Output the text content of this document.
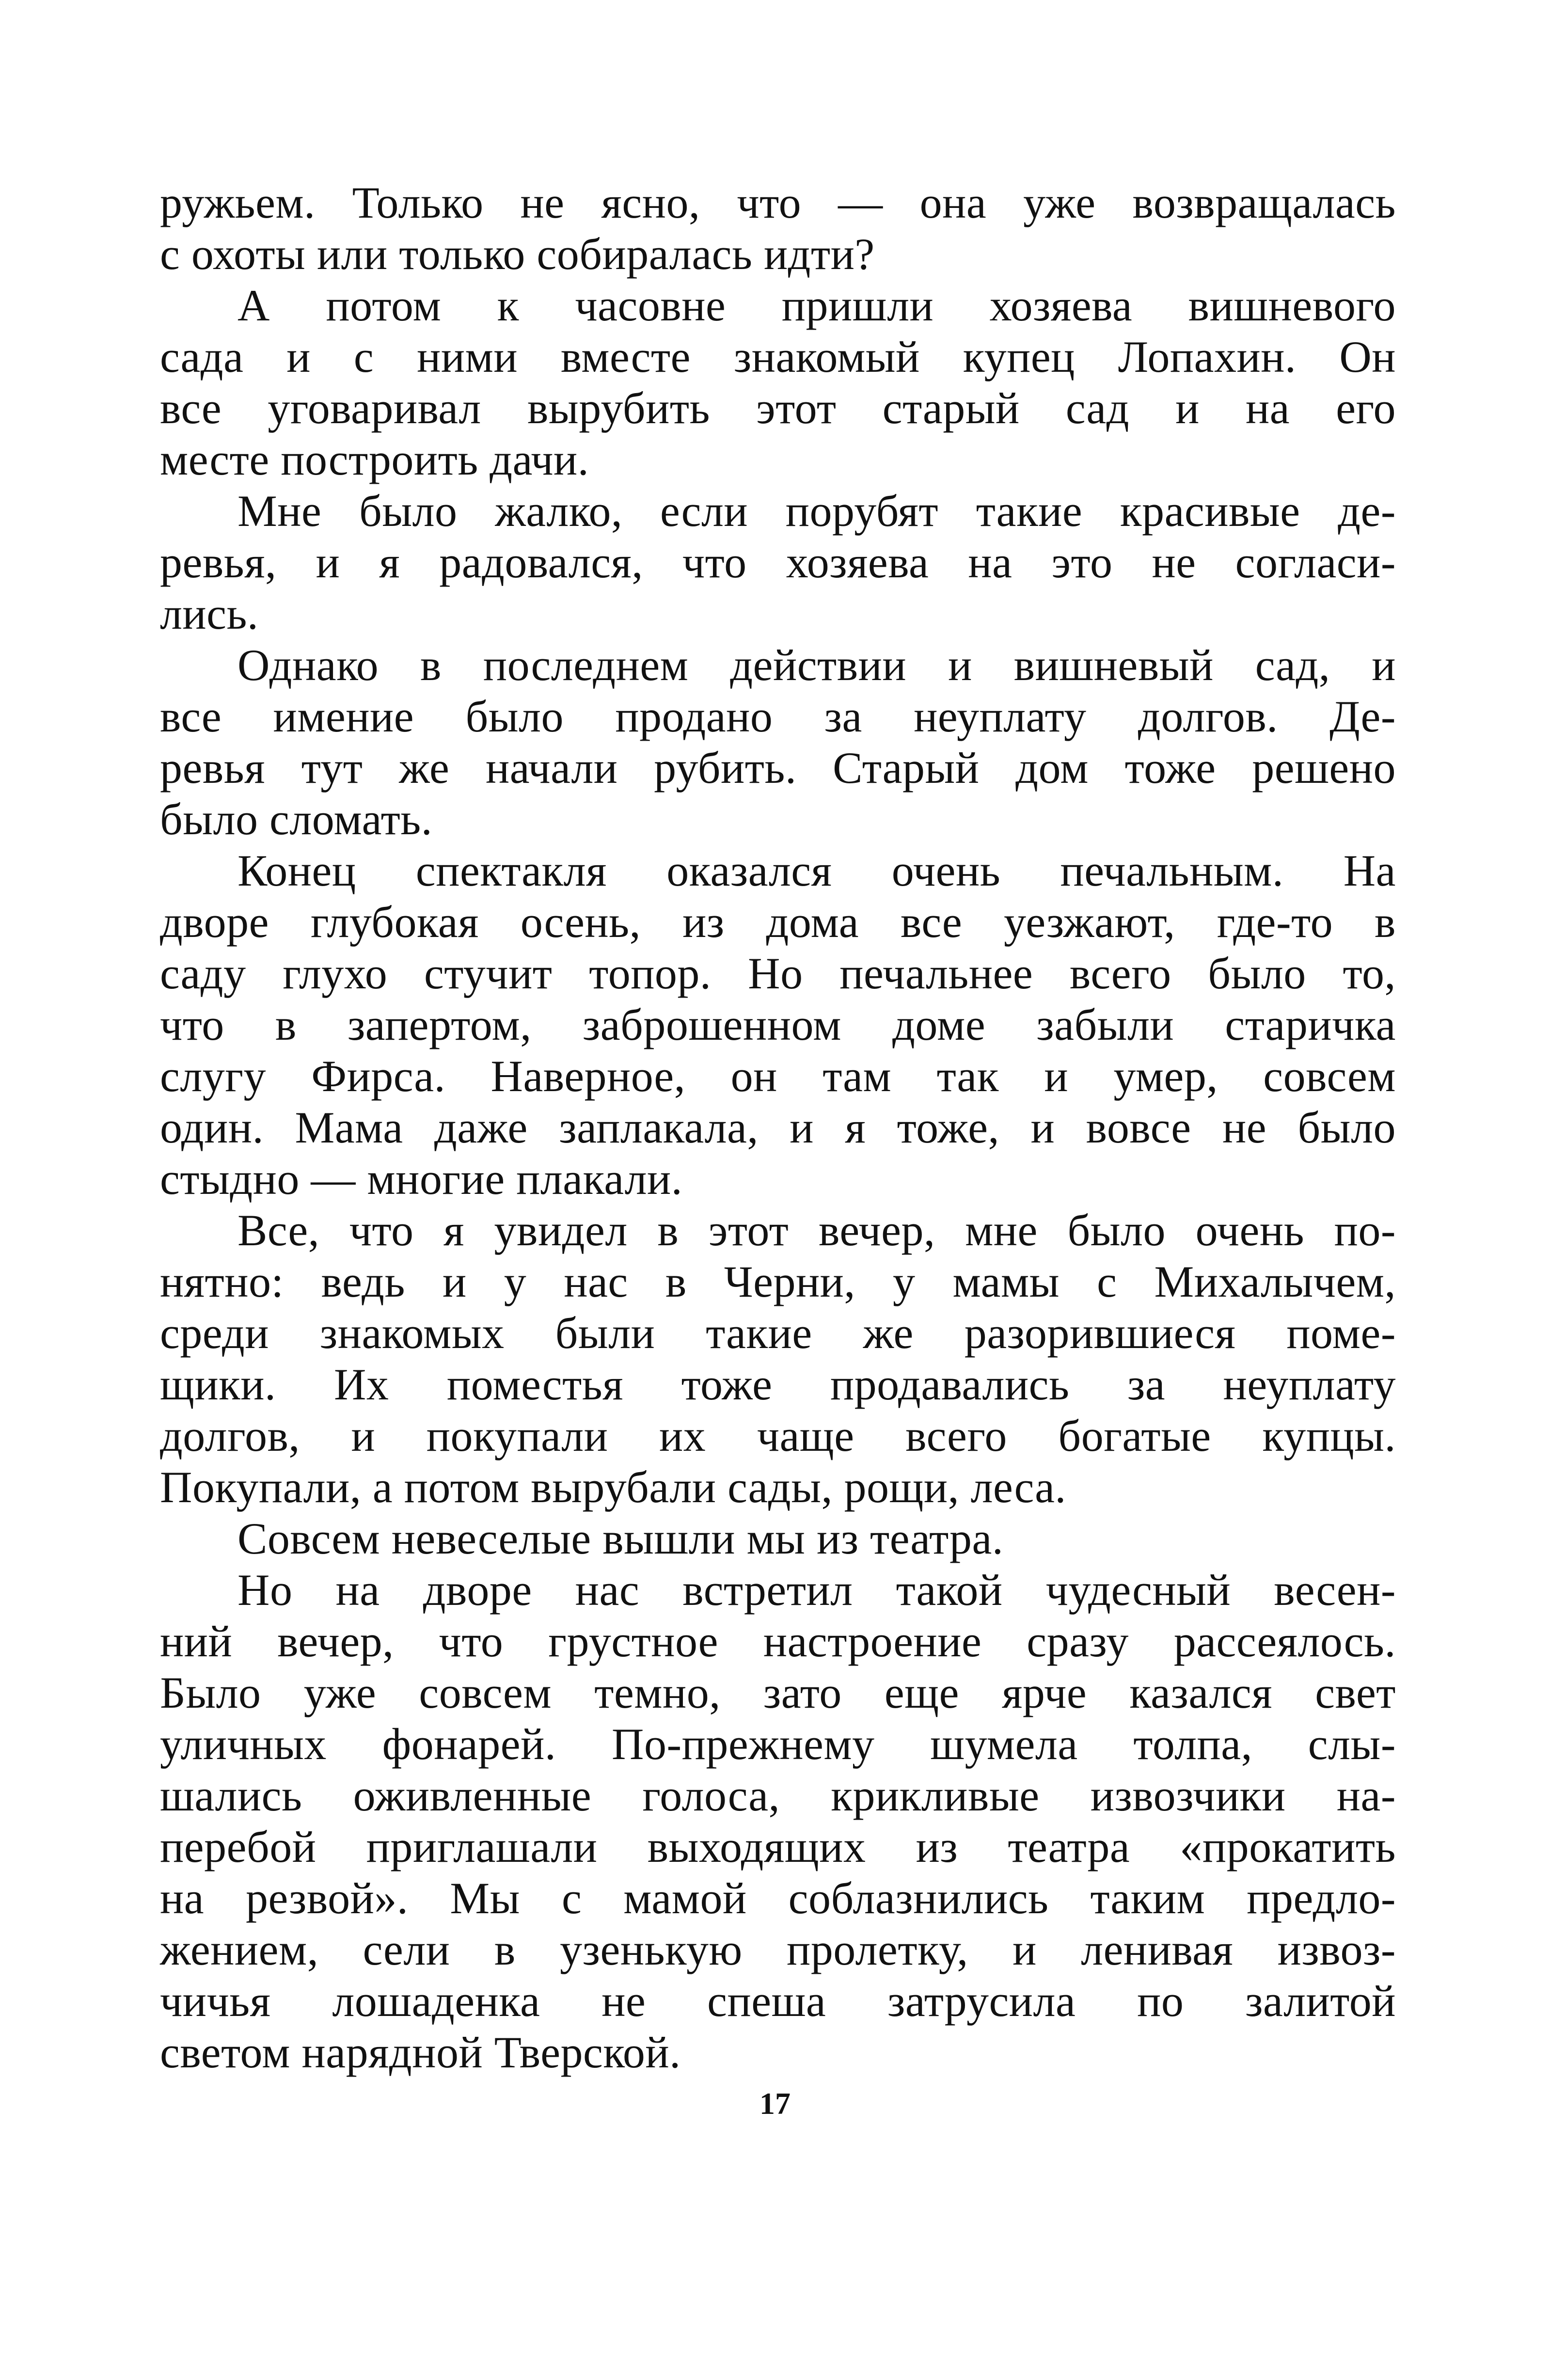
ружьем. Только не ясно, что — она уже возвращалась
с охоты или только собиралась идти?
А потом к часовне пришли хозяева вишневого
сада и с ними вместе знакомый купец Лопахин. Он
все уговаривал вырубить этот старый сад и на его
месте построить дачи.
Мне было жалко, если порубят такие красивые де-
ревья, и я радовался, что хозяева на это не согласи-
лись.
Однако в последнем действии и вишневый сад, и
все имение было продано за неуплату долгов. Де-
ревья тут же начали рубить. Старый дом тоже решено
было сломать.
Конец спектакля оказался очень печальным. На
дворе глубокая осень, из дома все уезжают, где-то в
саду глухо стучит топор. Но печальнее всего было то,
что в запертом, заброшенном доме забыли старичка
слугу Фирса. Наверное, он там так и умер, совсем
один. Мама даже заплакала, и я тоже, и вовсе не было
стыдно — многие плакали.
Все, что я увидел в этот вечер, мне было очень по-
нятно: ведь и у нас в Черни, у мамы с Михалычем,
среди знакомых были такие же разорившиеся поме-
щики. Их поместья тоже продавались за неуплату
долгов, и покупали их чаще всего богатые купцы.
Покупали, а потом вырубали сады, рощи, леса.
Совсем невеселые вышли мы из театра.
Но на дворе нас встретил такой чудесный весен-
ний вечер, что грустное настроение сразу рассеялось.
Было уже совсем темно, зато еще ярче казался свет
уличных фонарей. По-прежнему шумела толпа, слы-
шались оживленные голоса, крикливые извозчики на-
перебой приглашали выходящих из театра «прокатить
на резвой». Мы с мамой соблазнились таким предло-
жением, сели в узенькую пролетку, и ленивая извоз-
чичья лошаденка не спеша затрусила по залитой
светом нарядной Тверской.
17
